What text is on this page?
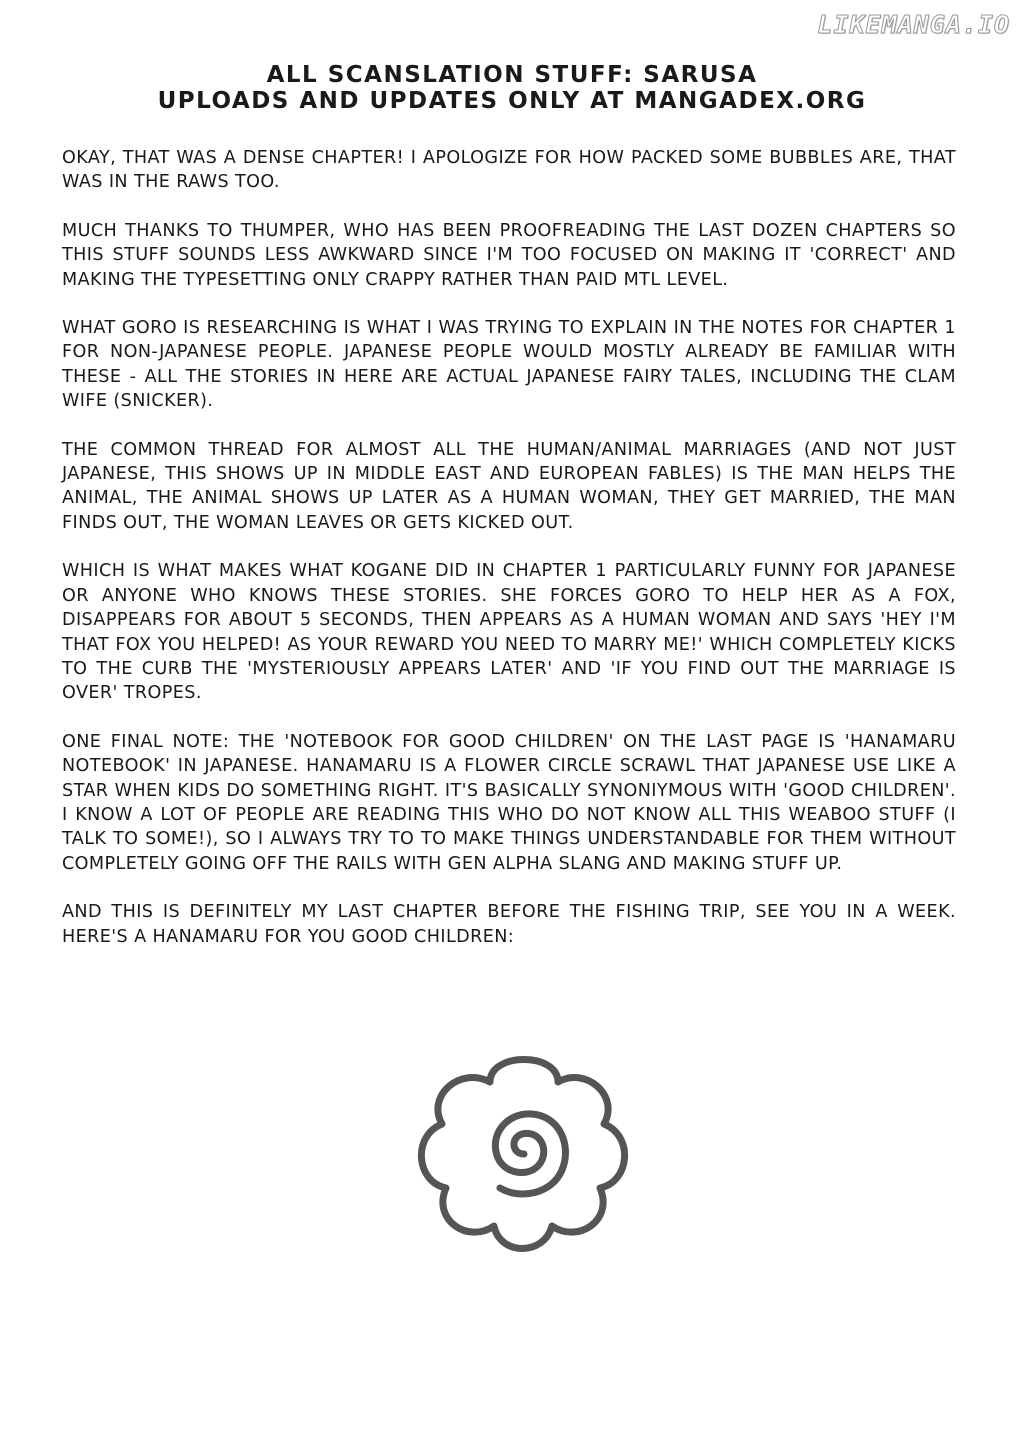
LIKEMANGA.IO
ALL SCANSLATION STUFF: SARUSA
UPLOADS AND UPDATES ONLY AT MANGADEX.ORG

OKAY, THAT WAS A DENSE CHAPTER! I APOLOGIZE FOR HOW PACKED SOME BUBBLES ARE, THAT WAS IN THE RAWS TOO.

MUCH THANKS TO THUMPER, WHO HAS BEEN PROOFREADING THE LAST DOZEN CHAPTERS SO THIS STUFF SOUNDS LESS AWKWARD SINCE I'M TOO FOCUSED ON MAKING IT 'CORRECT' AND MAKING THE TYPESETTING ONLY CRAPPY RATHER THAN PAID MTL LEVEL.

WHAT GORO IS RESEARCHING IS WHAT I WAS TRYING TO EXPLAIN IN THE NOTES FOR CHAPTER 1 FOR NON-JAPANESE PEOPLE. JAPANESE PEOPLE WOULD MOSTLY ALREADY BE FAMILIAR WITH THESE - ALL THE STORIES IN HERE ARE ACTUAL JAPANESE FAIRY TALES, INCLUDING THE CLAM WIFE (SNICKER).

THE COMMON THREAD FOR ALMOST ALL THE HUMAN/ANIMAL MARRIAGES (AND NOT JUST JAPANESE, THIS SHOWS UP IN MIDDLE EAST AND EUROPEAN FABLES) IS THE MAN HELPS THE ANIMAL, THE ANIMAL SHOWS UP LATER AS A HUMAN WOMAN, THEY GET MARRIED, THE MAN FINDS OUT, THE WOMAN LEAVES OR GETS KICKED OUT.

WHICH IS WHAT MAKES WHAT KOGANE DID IN CHAPTER 1 PARTICULARLY FUNNY FOR JAPANESE OR ANYONE WHO KNOWS THESE STORIES. SHE FORCES GORO TO HELP HER AS A FOX, DISAPPEARS FOR ABOUT 5 SECONDS, THEN APPEARS AS A HUMAN WOMAN AND SAYS 'HEY I'M THAT FOX YOU HELPED! AS YOUR REWARD YOU NEED TO MARRY ME!' WHICH COMPLETELY KICKS TO THE CURB THE 'MYSTERIOUSLY APPEARS LATER' AND 'IF YOU FIND OUT THE MARRIAGE IS OVER' TROPES.

ONE FINAL NOTE: THE 'NOTEBOOK FOR GOOD CHILDREN' ON THE LAST PAGE IS 'HANAMARU NOTEBOOK' IN JAPANESE. HANAMARU IS A FLOWER CIRCLE SCRAWL THAT JAPANESE USE LIKE A STAR WHEN KIDS DO SOMETHING RIGHT. IT'S BASICALLY SYNONIYMOUS WITH 'GOOD CHILDREN'. I KNOW A LOT OF PEOPLE ARE READING THIS WHO DO NOT KNOW ALL THIS WEABOO STUFF (I TALK TO SOME!), SO I ALWAYS TRY TO TO MAKE THINGS UNDERSTANDABLE FOR THEM WITHOUT COMPLETELY GOING OFF THE RAILS WITH GEN ALPHA SLANG AND MAKING STUFF UP.

AND THIS IS DEFINITELY MY LAST CHAPTER BEFORE THE FISHING TRIP, SEE YOU IN A WEEK. HERE'S A HANAMARU FOR YOU GOOD CHILDREN:
